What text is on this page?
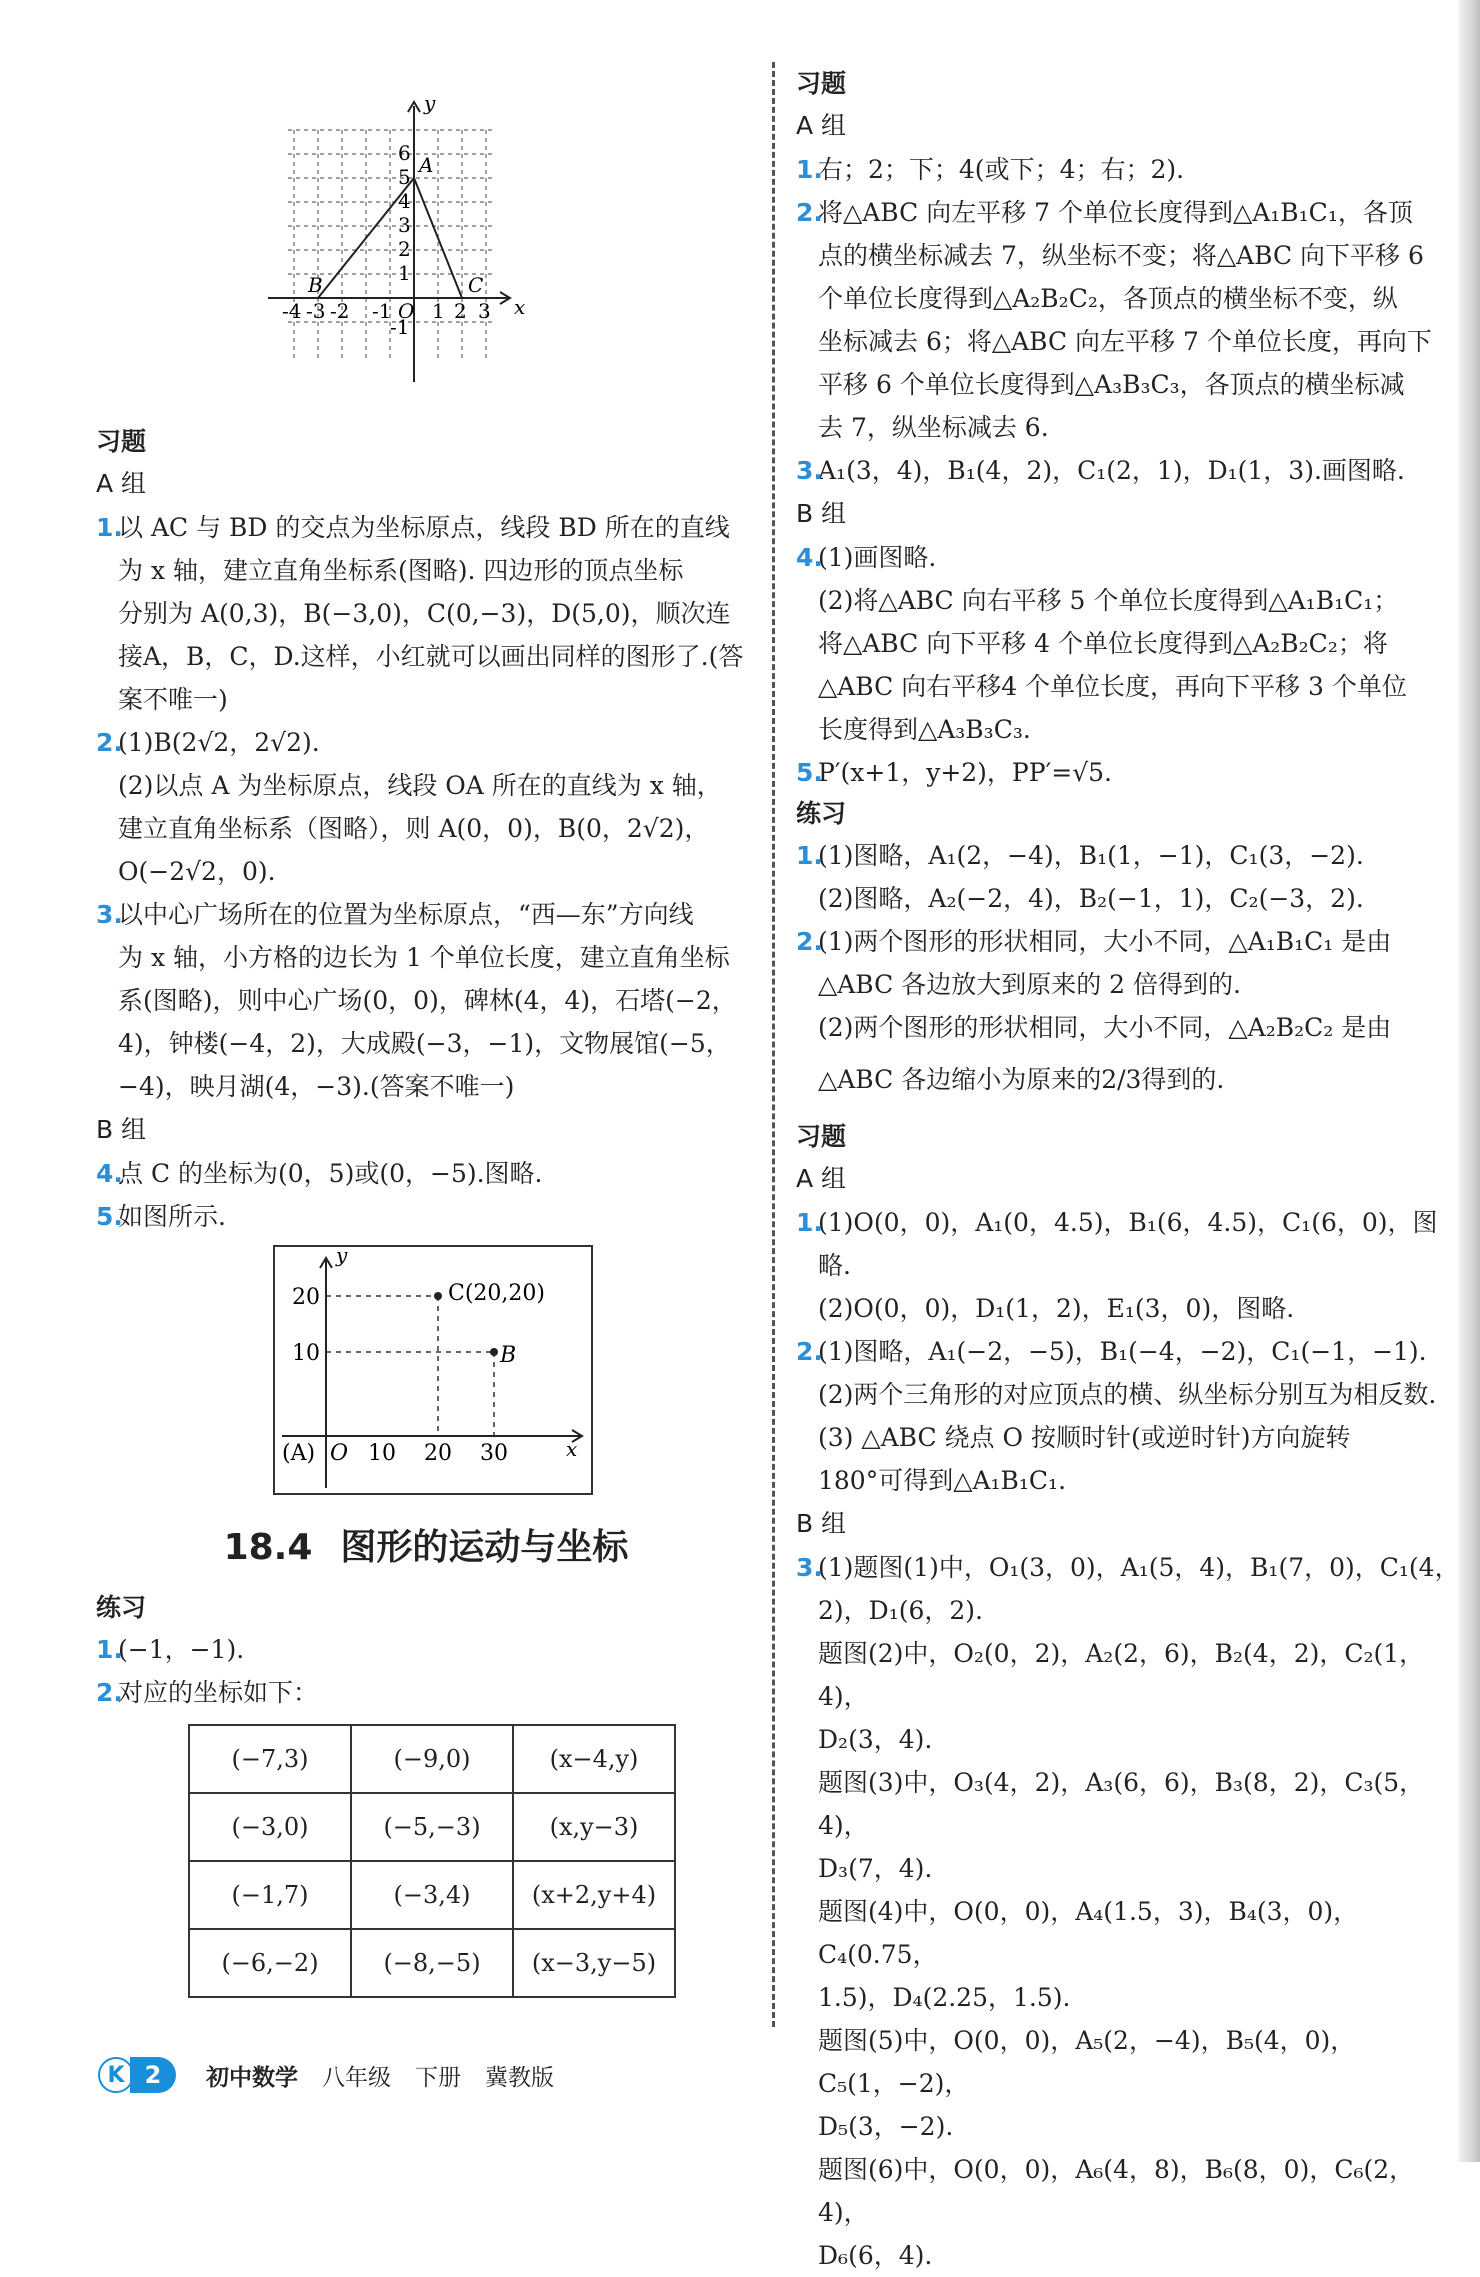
y
x
6
5
4
3
2
1
-1
-4 -3 -2 -1 O 1 2 3
A
B	C
习题
A 组
1.
以 AC 与 BD 的交点为坐标原点，线段 BD 所在的直线
为 x 轴，建立直角坐标系(图略). 四边形的顶点坐标
分别为 A(0,3)，B(−3,0)，C(0,−3)，D(5,0)，顺次连
接A，B，C，D.这样，小红就可以画出同样的图形了.(答
案不唯一)
2.
(1)B(2√2，2√2).
(2)以点 A 为坐标原点，线段 OA 所在的直线为 x 轴，
建立直角坐标系（图略），则 A(0，0)，B(0，2√2)，
O(−2√2，0).
3.
以中心广场所在的位置为坐标原点，“西—东”方向线
为 x 轴，小方格的边长为 1 个单位长度，建立直角坐标
系(图略)，则中心广场(0，0)，碑林(4，4)，石塔(−2，
4)，钟楼(−4，2)，大成殿(−3，−1)，文物展馆(−5，
−4)，映月湖(4，−3).(答案不唯一)
B 组
4.
点 C 的坐标为(0，5)或(0，−5).图略.
5.
如图所示.
y
x
20
10
(A) O 10 20 30
C(20,20)
B
18.4 图形的运动与坐标
练习
1.
(−1，−1).
2.
对应的坐标如下：
(−7,3)	(−9,0)	(x−4,y)
(−3,0)	(−5,−3)	(x,y−3)
(−1,7)	(−3,4)	(x+2,y+4)
(−6,−2)	(−8,−5)	(x−3,y−5)
习题
A 组
1.
右；2；下；4(或下；4；右；2).
2.
将△ABC 向左平移 7 个单位长度得到△A₁B₁C₁，各顶
点的横坐标减去 7，纵坐标不变；将△ABC 向下平移 6
个单位长度得到△A₂B₂C₂，各顶点的横坐标不变，纵
坐标减去 6；将△ABC 向左平移 7 个单位长度，再向下
平移 6 个单位长度得到△A₃B₃C₃，各顶点的横坐标减
去 7，纵坐标减去 6.
3.
A₁(3，4)，B₁(4，2)，C₁(2，1)，D₁(1，3).画图略.
B 组
4.
(1)画图略.
(2)将△ABC 向右平移 5 个单位长度得到△A₁B₁C₁；
将△ABC 向下平移 4 个单位长度得到△A₂B₂C₂；将
△ABC 向右平移4 个单位长度，再向下平移 3 个单位
长度得到△A₃B₃C₃.
5.
P′(x+1，y+2)，PP′=√5.
练习
1.
(1)图略，A₁(2，−4)，B₁(1，−1)，C₁(3，−2).
(2)图略，A₂(−2，4)，B₂(−1，1)，C₂(−3，2).
2.
(1)两个图形的形状相同，大小不同，△A₁B₁C₁ 是由
△ABC 各边放大到原来的 2 倍得到的.
(2)两个图形的形状相同，大小不同，△A₂B₂C₂ 是由
△ABC 各边缩小为原来的2/3得到的.
习题
A 组
1.
(1)O(0，0)，A₁(0，4.5)，B₁(6，4.5)，C₁(6，0)，图略.
(2)O(0，0)，D₁(1，2)，E₁(3，0)，图略.
2.
(1)图略，A₁(−2，−5)，B₁(−4，−2)，C₁(−1，−1).
(2)两个三角形的对应顶点的横、纵坐标分别互为相反数.
(3) △ABC 绕点 O 按顺时针(或逆时针)方向旋转
180°可得到△A₁B₁C₁.
B 组
3.
(1)题图(1)中，O₁(3，0)，A₁(5，4)，B₁(7，0)，C₁(4，
2)，D₁(6，2).
题图(2)中，O₂(0，2)，A₂(2，6)，B₂(4，2)，C₂(1，4)，
D₂(3，4).
题图(3)中，O₃(4，2)，A₃(6，6)，B₃(8，2)，C₃(5，4)，
D₃(7，4).
题图(4)中，O(0，0)，A₄(1.5，3)，B₄(3，0)，C₄(0.75，
1.5)，D₄(2.25，1.5).
题图(5)中，O(0，0)，A₅(2，−4)，B₅(4，0)，C₅(1，−2)，
D₅(3，−2).
题图(6)中，O(0，0)，A₆(4，8)，B₆(8，0)，C₆(2，4)，
D₆(6，4).
K 2	初中数学 八年级 下册 冀教版
